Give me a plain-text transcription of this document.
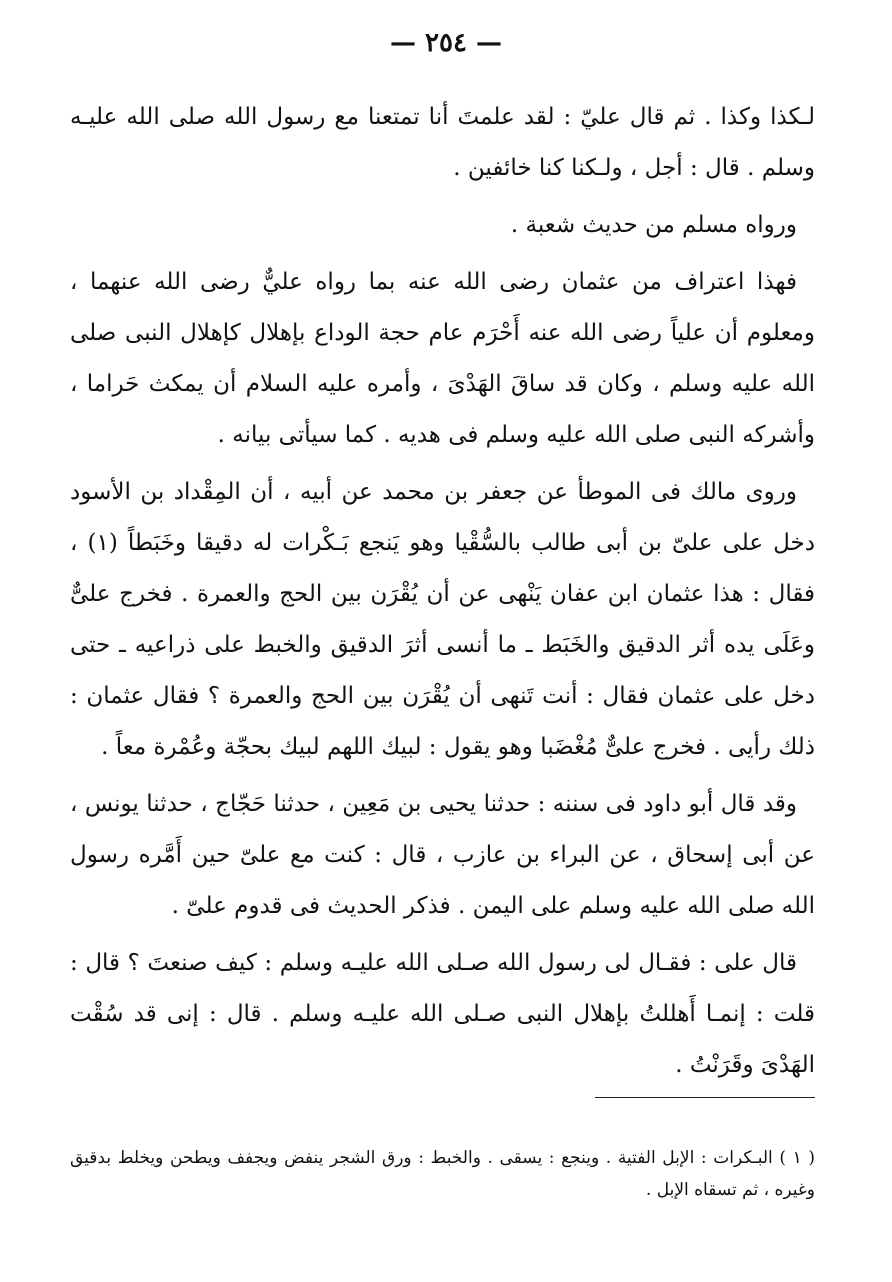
— ٢٥٤ —

لـكذا وكذا . ثم قال عليّ : لقد علمتَ أنا تمتعنا مع رسول الله صلى الله عليـه وسلم . قال : أجل ، ولـكنا كنا خائفين .

ورواه مسلم من حديث شعبة .

فهذا اعتراف من عثمان رضى الله عنه بما رواه عليٌّ رضى الله عنهما ، ومعلوم أن علياً رضى الله عنه أَحْرَم عام حجة الوداع بإهلال كإهلال النبى صلى الله عليه وسلم ، وكان قد ساقَ الهَدْىَ ، وأمره عليه السلام أن يمكث حَراما ، وأشركه النبى صلى الله عليه وسلم فى هديه . كما سيأتى بيانه .

وروى مالك فى الموطأ عن جعفر بن محمد عن أبيه ، أن المِقْداد بن الأسود دخل على علىّ بن أبى طالب بالسُّقْيا وهو يَنجع بَـكْرات له دقيقا وخَبَطاً (١) ، فقال : هذا عثمان ابن عفان يَنْهى عن أن يُقْرَن بين الحج والعمرة . فخرج علىٌّ وعَلَى يده أثر الدقيق والخَبَط ـ ما أنسى أثرَ الدقيق والخبط على ذراعيه ـ حتى دخل على عثمان فقال : أنت تَنهى أن يُقْرَن بين الحج والعمرة ؟ فقال عثمان : ذلك رأيى . فخرج علىٌّ مُغْضَبا وهو يقول : لبيك اللهم لبيك بحجّة وعُمْرة معاً .

وقد قال أبو داود فى سننه : حدثنا يحيى بن مَعِين ، حدثنا حَجّاج ، حدثنا يونس ، عن أبى إسحاق ، عن البراء بن عازب ، قال : كنت مع علىّ حين أَمَّره رسول الله صلى الله عليه وسلم على اليمن . فذكر الحديث فى قدوم علىّ .

قال على : فقـال لى رسول الله صـلى الله عليـه وسلم : كيف صنعتَ ؟ قال : قلت : إنمـا أَهللتُ بإهلال النبى صـلى الله عليـه وسلم . قال : إنى قد سُقْت الهَدْىَ وقَرَنْتُ .

( ١ ) البـكرات : الإبل الفتية . وينجع : يسقى . والخبط : ورق الشجر ينفض ويجفف ويطحن ويخلط بدقيق وغيره ، ثم تسقاه الإبل .
